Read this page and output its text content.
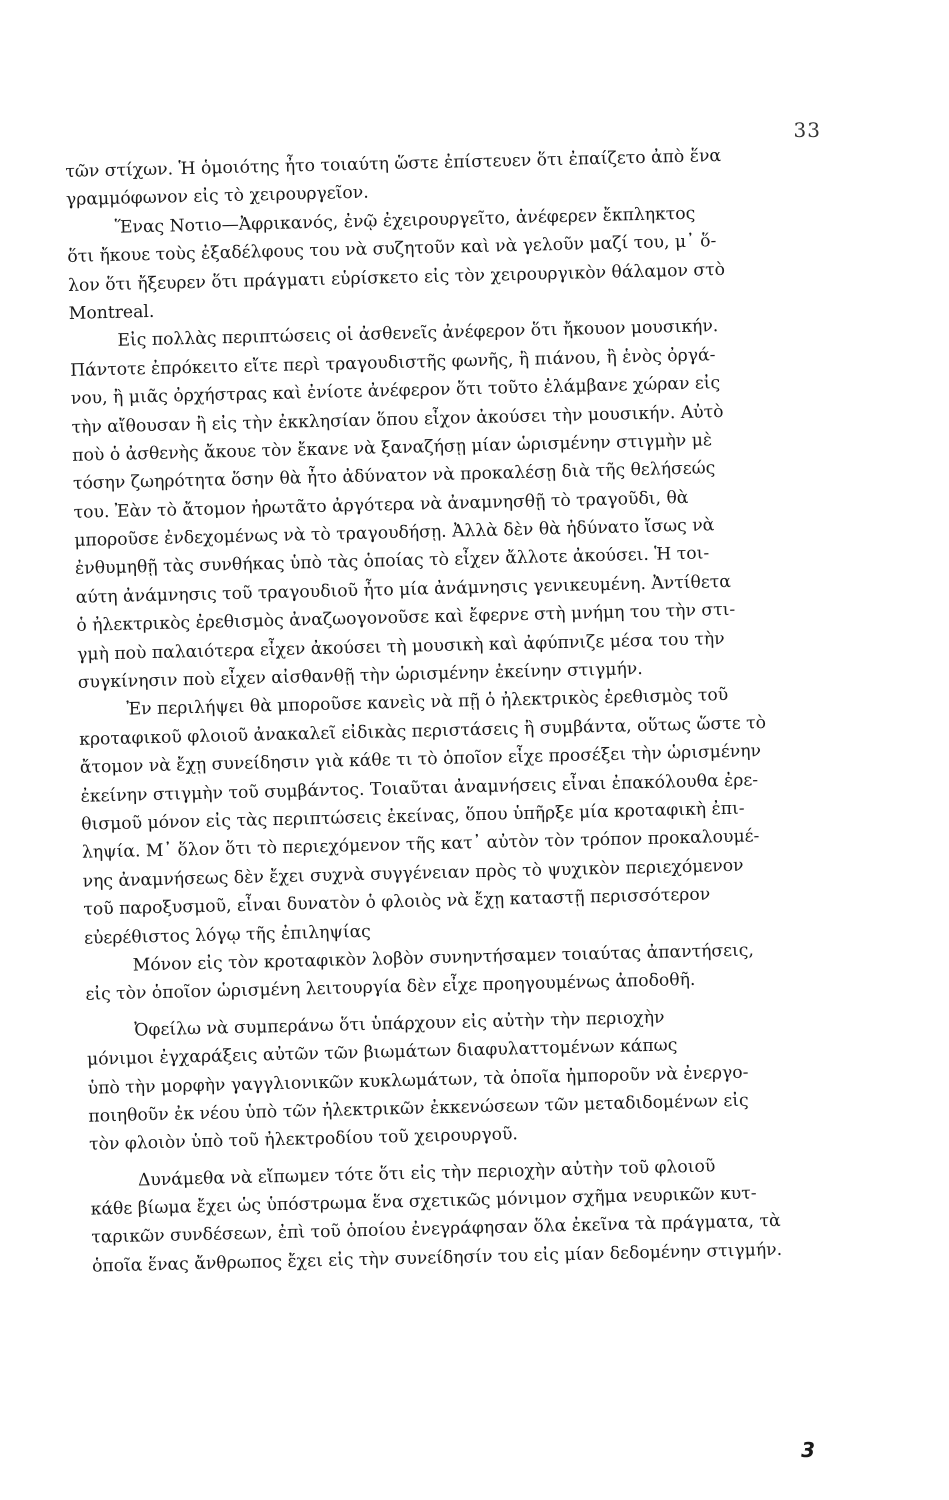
33
τῶν στίχων. Ἡ ὁμοιότης ἦτο τοιαύτη ὥστε ἐπίστευεν ὅτι ἐπαίζετο ἀπὸ ἕνα
γραμμόφωνον εἰς τὸ χειρουργεῖον.
Ἕνας Νοτιο—Ἀφρικανός, ἐνῷ ἐχειρουργεῖτο, ἀνέφερεν ἔκπληκτος
ὅτι ἤκουε τοὺς ἐξαδέλφους του νὰ συζητοῦν καὶ νὰ γελοῦν μαζί του, μ᾿ ὅ-
λον ὅτι ἤξευρεν ὅτι πράγματι εὑρίσκετο εἰς τὸν χειρουργικὸν θάλαμον στὸ
Montreal.
Εἰς πολλὰς περιπτώσεις οἱ ἀσθενεῖς ἀνέφερον ὅτι ἤκουον μουσικήν.
Πάντοτε ἐπρόκειτο εἴτε περὶ τραγουδιστῆς φωνῆς, ἢ πιάνου, ἢ ἑνὸς ὀργά-
νου, ἢ μιᾶς ὀρχήστρας καὶ ἐνίοτε ἀνέφερον ὅτι τοῦτο ἐλάμβανε χώραν εἰς
τὴν αἴθουσαν ἢ εἰς τὴν ἐκκλησίαν ὅπου εἶχον ἀκούσει τὴν μουσικήν. Αὐτὸ
ποὺ ὁ ἀσθενὴς ἄκουε τὸν ἔκανε νὰ ξαναζήσῃ μίαν ὡρισμένην στιγμὴν μὲ
τόσην ζωηρότητα ὅσην θὰ ἦτο ἀδύνατον νὰ προκαλέσῃ διὰ τῆς θελήσεώς
του. Ἐὰν τὸ ἄτομον ἠρωτᾶτο ἀργότερα νὰ ἀναμνησθῇ τὸ τραγοῦδι, θὰ
μποροῦσε ἐνδεχομένως νὰ τὸ τραγουδήσῃ. Ἀλλὰ δὲν θὰ ἠδύνατο ἴσως νὰ
ἐνθυμηθῇ τὰς συνθήκας ὑπὸ τὰς ὁποίας τὸ εἶχεν ἄλλοτε ἀκούσει. Ἡ τοι-
αύτη ἀνάμνησις τοῦ τραγουδιοῦ ἦτο μία ἀνάμνησις γενικευμένη. Ἀντίθετα
ὁ ἠλεκτρικὸς ἐρεθισμὸς ἀναζωογονοῦσε καὶ ἔφερνε στὴ μνήμη του τὴν στι-
γμὴ ποὺ παλαιότερα εἶχεν ἀκούσει τὴ μουσικὴ καὶ ἀφύπνιζε μέσα του τὴν
συγκίνησιν ποὺ εἶχεν αἰσθανθῇ τὴν ὡρισμένην ἐκείνην στιγμήν.
Ἐν περιλήψει θὰ μποροῦσε κανεὶς νὰ πῇ ὁ ἠλεκτρικὸς ἐρεθισμὸς τοῦ
κροταφικοῦ φλοιοῦ ἀνακαλεῖ εἰδικὰς περιστάσεις ἢ συμβάντα, οὕτως ὥστε τὸ
ἄτομον νὰ ἔχῃ συνείδησιν γιὰ κάθε τι τὸ ὁποῖον εἶχε προσέξει τὴν ὡρισμένην
ἐκείνην στιγμὴν τοῦ συμβάντος. Τοιαῦται ἀναμνήσεις εἶναι ἐπακόλουθα ἐρε-
θισμοῦ μόνον εἰς τὰς περιπτώσεις ἐκείνας, ὅπου ὑπῆρξε μία κροταφικὴ ἐπι-
ληψία. Μ᾿ ὅλον ὅτι τὸ περιεχόμενον τῆς κατ᾿ αὐτὸν τὸν τρόπον προκαλουμέ-
νης ἀναμνήσεως δὲν ἔχει συχνὰ συγγένειαν πρὸς τὸ ψυχικὸν περιεχόμενον
τοῦ παροξυσμοῦ, εἶναι δυνατὸν ὁ φλοιὸς νὰ ἔχῃ καταστῇ περισσότερον
εὐερέθιστος λόγῳ τῆς ἐπιληψίας
Μόνον εἰς τὸν κροταφικὸν λοβὸν συνηντήσαμεν τοιαύτας ἀπαντήσεις,
εἰς τὸν ὁποῖον ὡρισμένη λειτουργία δὲν εἶχε προηγουμένως ἀποδοθῆ.
Ὀφείλω νὰ συμπεράνω ὅτι ὑπάρχουν εἰς αὐτὴν τὴν περιοχὴν
μόνιμοι ἐγχαράξεις αὐτῶν τῶν βιωμάτων διαφυλαττομένων κάπως
ὑπὸ τὴν μορφὴν γαγγλιονικῶν κυκλωμάτων, τὰ ὁποῖα ἠμποροῦν νὰ ἐνεργο-
ποιηθοῦν ἐκ νέου ὑπὸ τῶν ἠλεκτρικῶν ἐκκενώσεων τῶν μεταδιδομένων εἰς
τὸν φλοιὸν ὑπὸ τοῦ ἠλεκτροδίου τοῦ χειρουργοῦ.
Δυνάμεθα νὰ εἴπωμεν τότε ὅτι εἰς τὴν περιοχὴν αὐτὴν τοῦ φλοιοῦ
κάθε βίωμα ἔχει ὡς ὑπόστρωμα ἕνα σχετικῶς μόνιμον σχῆμα νευρικῶν κυτ-
ταρικῶν συνδέσεων, ἐπὶ τοῦ ὁποίου ἐνεγράφησαν ὅλα ἐκεῖνα τὰ πράγματα, τὰ
ὁποῖα ἕνας ἄνθρωπος ἔχει εἰς τὴν συνείδησίν του εἰς μίαν δεδομένην στιγμήν.
3
